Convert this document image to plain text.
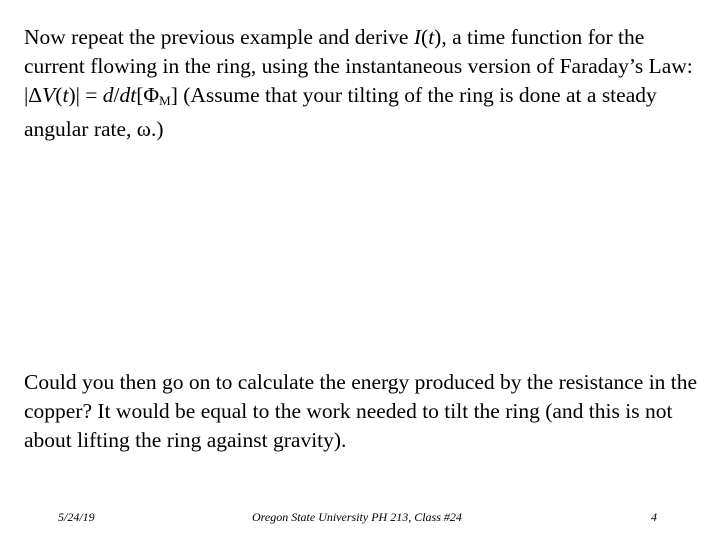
Now repeat the previous example and derive I(t), a time function for the current flowing in the ring, using the instantaneous version of Faraday’s Law: $|\Delta V(t)| = d/dt[\Phi_M]$ (Assume that your tilting of the ring is done at a steady angular rate, ω.)

Could you then go on to calculate the energy produced by the resistance in the copper? It would be equal to the work needed to tilt the ring (and this is not about lifting the ring against gravity).

5/24/19	Oregon State University PH 213, Class #24	4
